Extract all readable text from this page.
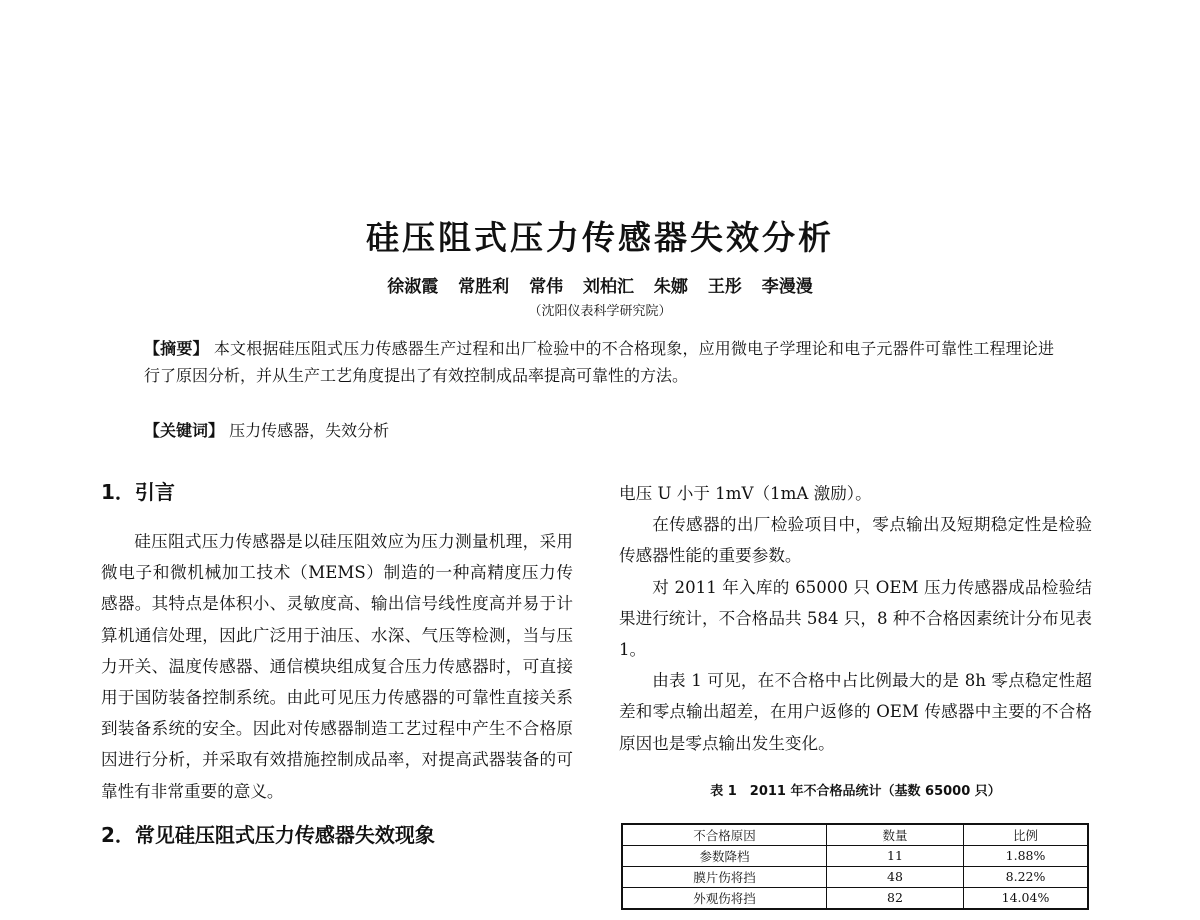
硅压阻式压力传感器失效分析
徐淑霞 常胜利 常伟 刘柏汇 朱娜 王彤 李漫漫
（沈阳仪表科学研究院）
【摘要】 本文根据硅压阻式压力传感器生产过程和出厂检验中的不合格现象，应用微电子学理论和电子元器件可靠性工程理论进行了原因分析，并从生产工艺角度提出了有效控制成品率提高可靠性的方法。
【关键词】 压力传感器，失效分析
1．引言

硅压阻式压力传感器是以硅压阻效应为压力测量机理，采用微电子和微机械加工技术（MEMS）制造的一种高精度压力传感器。其特点是体积小、灵敏度高、输出信号线性度高并易于计算机通信处理，因此广泛用于油压、水深、气压等检测，当与压力开关、温度传感器、通信模块组成复合压力传感器时，可直接用于国防装备控制系统。由此可见压力传感器的可靠性直接关系到装备系统的安全。因此对传感器制造工艺过程中产生不合格原因进行分析，并采取有效措施控制成品率，对提高武器装备的可靠性有非常重要的意义。

2．常见硅压阻式压力传感器失效现象

电压 U 小于 1mV（1mA 激励）。

在传感器的出厂检验项目中，零点输出及短期稳定性是检验传感器性能的重要参数。

对 2011 年入库的 65000 只 OEM 压力传感器成品检验结果进行统计，不合格品共 584 只，8 种不合格因素统计分布见表 1。

由表 1 可见，在不合格中占比例最大的是 8h 零点稳定性超差和零点输出超差，在用户返修的 OEM 传感器中主要的不合格原因也是零点输出发生变化。

表 1　2011 年不合格品统计（基数 65000 只）
不合格原因	数量	比例
参数降档	11	1.88%
膜片伤将挡	48	8.22%
外观伤将挡	82	14.04%
